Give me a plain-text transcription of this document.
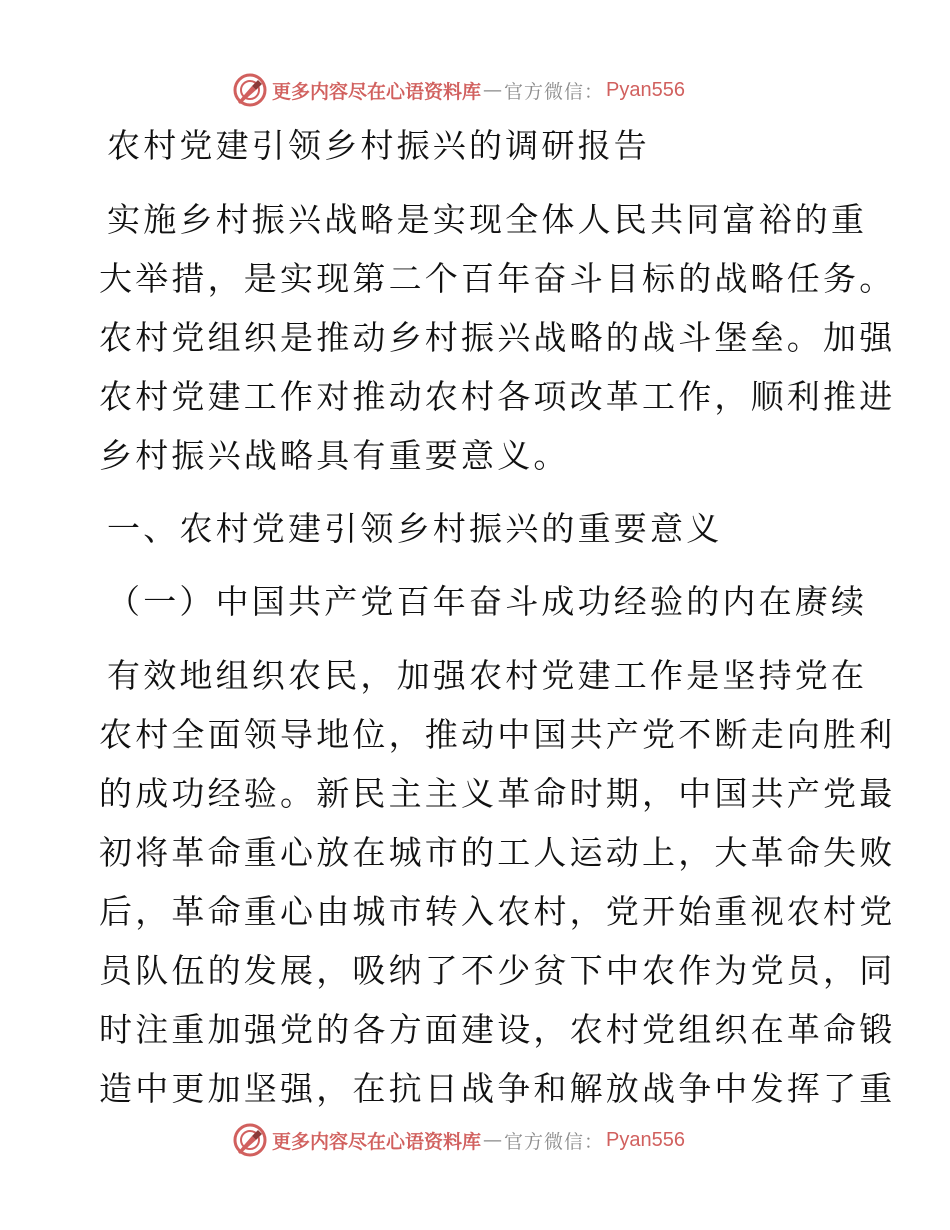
更多内容尽在心语资料库 — 官方微信： Pyan556
农村党建引领乡村振兴的调研报告
实施乡村振兴战略是实现全体人民共同富裕的重
大举措，是实现第二个百年奋斗目标的战略任务。
农村党组织是推动乡村振兴战略的战斗堡垒。加强
农村党建工作对推动农村各项改革工作，顺利推进
乡村振兴战略具有重要意义。
一、农村党建引领乡村振兴的重要意义
（一）中国共产党百年奋斗成功经验的内在赓续
有效地组织农民，加强农村党建工作是坚持党在
农村全面领导地位，推动中国共产党不断走向胜利
的成功经验。新民主主义革命时期，中国共产党最
初将革命重心放在城市的工人运动上，大革命失败
后，革命重心由城市转入农村，党开始重视农村党
员队伍的发展，吸纳了不少贫下中农作为党员，同
时注重加强党的各方面建设，农村党组织在革命锻
造中更加坚强，在抗日战争和解放战争中发挥了重
更多内容尽在心语资料库 — 官方微信： Pyan556
